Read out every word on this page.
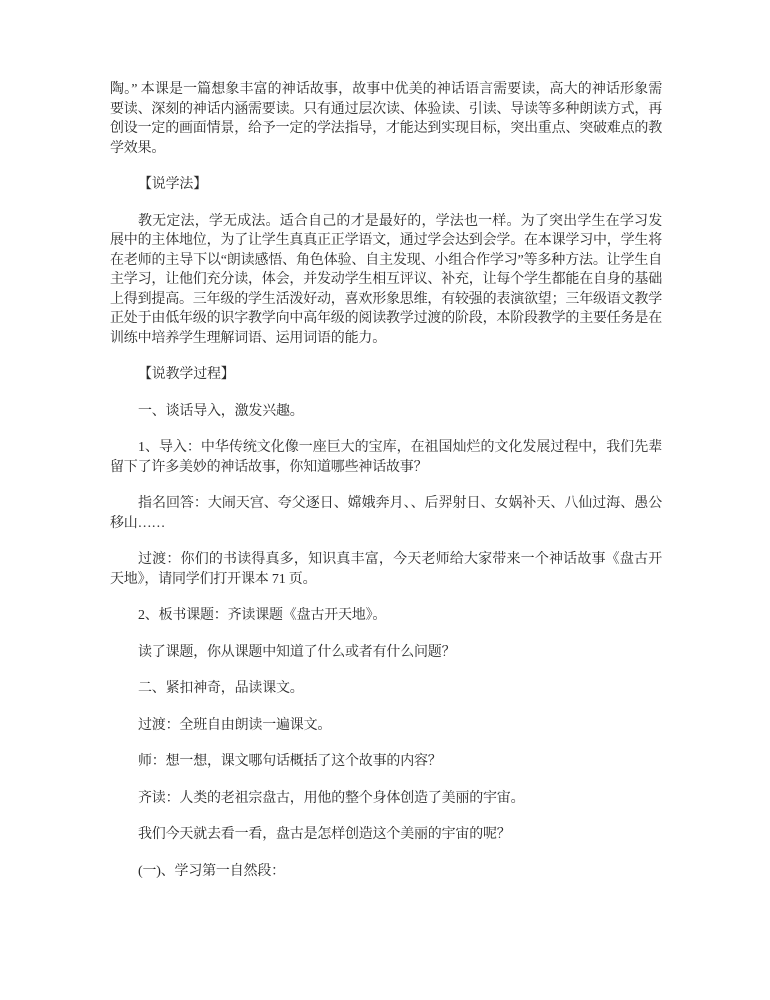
陶。” 本课是一篇想象丰富的神话故事，故事中优美的神话语言需要读，高大的神话形象需要读、深刻的神话内涵需要读。只有通过层次读、体验读、引读、导读等多种朗读方式，再创设一定的画面情景，给予一定的学法指导，才能达到实现目标，突出重点、突破难点的教学效果。

【说学法】

教无定法，学无成法。适合自己的才是最好的，学法也一样。为了突出学生在学习发展中的主体地位，为了让学生真真正正学语文，通过学会达到会学。在本课学习中，学生将在老师的主导下以“朗读感悟、角色体验、自主发现、小组合作学习”等多种方法。让学生自主学习，让他们充分读，体会，并发动学生相互评议、补充，让每个学生都能在自身的基础上得到提高。三年级的学生活泼好动，喜欢形象思维，有较强的表演欲望；三年级语文教学正处于由低年级的识字教学向中高年级的阅读教学过渡的阶段，本阶段教学的主要任务是在训练中培养学生理解词语、运用词语的能力。

【说教学过程】

一、谈话导入，激发兴趣。

1、导入：中华传统文化像一座巨大的宝库，在祖国灿烂的文化发展过程中，我们先辈留下了许多美妙的神话故事，你知道哪些神话故事？

指名回答：大闹天宫、夸父逐日、嫦娥奔月、、后羿射日、女娲补天、八仙过海、愚公移山……

过渡：你们的书读得真多，知识真丰富，今天老师给大家带来一个神话故事《盘古开天地》，请同学们打开课本 71 页。

2、板书课题：齐读课题《盘古开天地》。

读了课题，你从课题中知道了什么或者有什么问题？

二、紧扣神奇，品读课文。

过渡：全班自由朗读一遍课文。

师：想一想，课文哪句话概括了这个故事的内容？

齐读：人类的老祖宗盘古，用他的整个身体创造了美丽的宇宙。

我们今天就去看一看，盘古是怎样创造这个美丽的宇宙的呢？

(一)、学习第一自然段：
